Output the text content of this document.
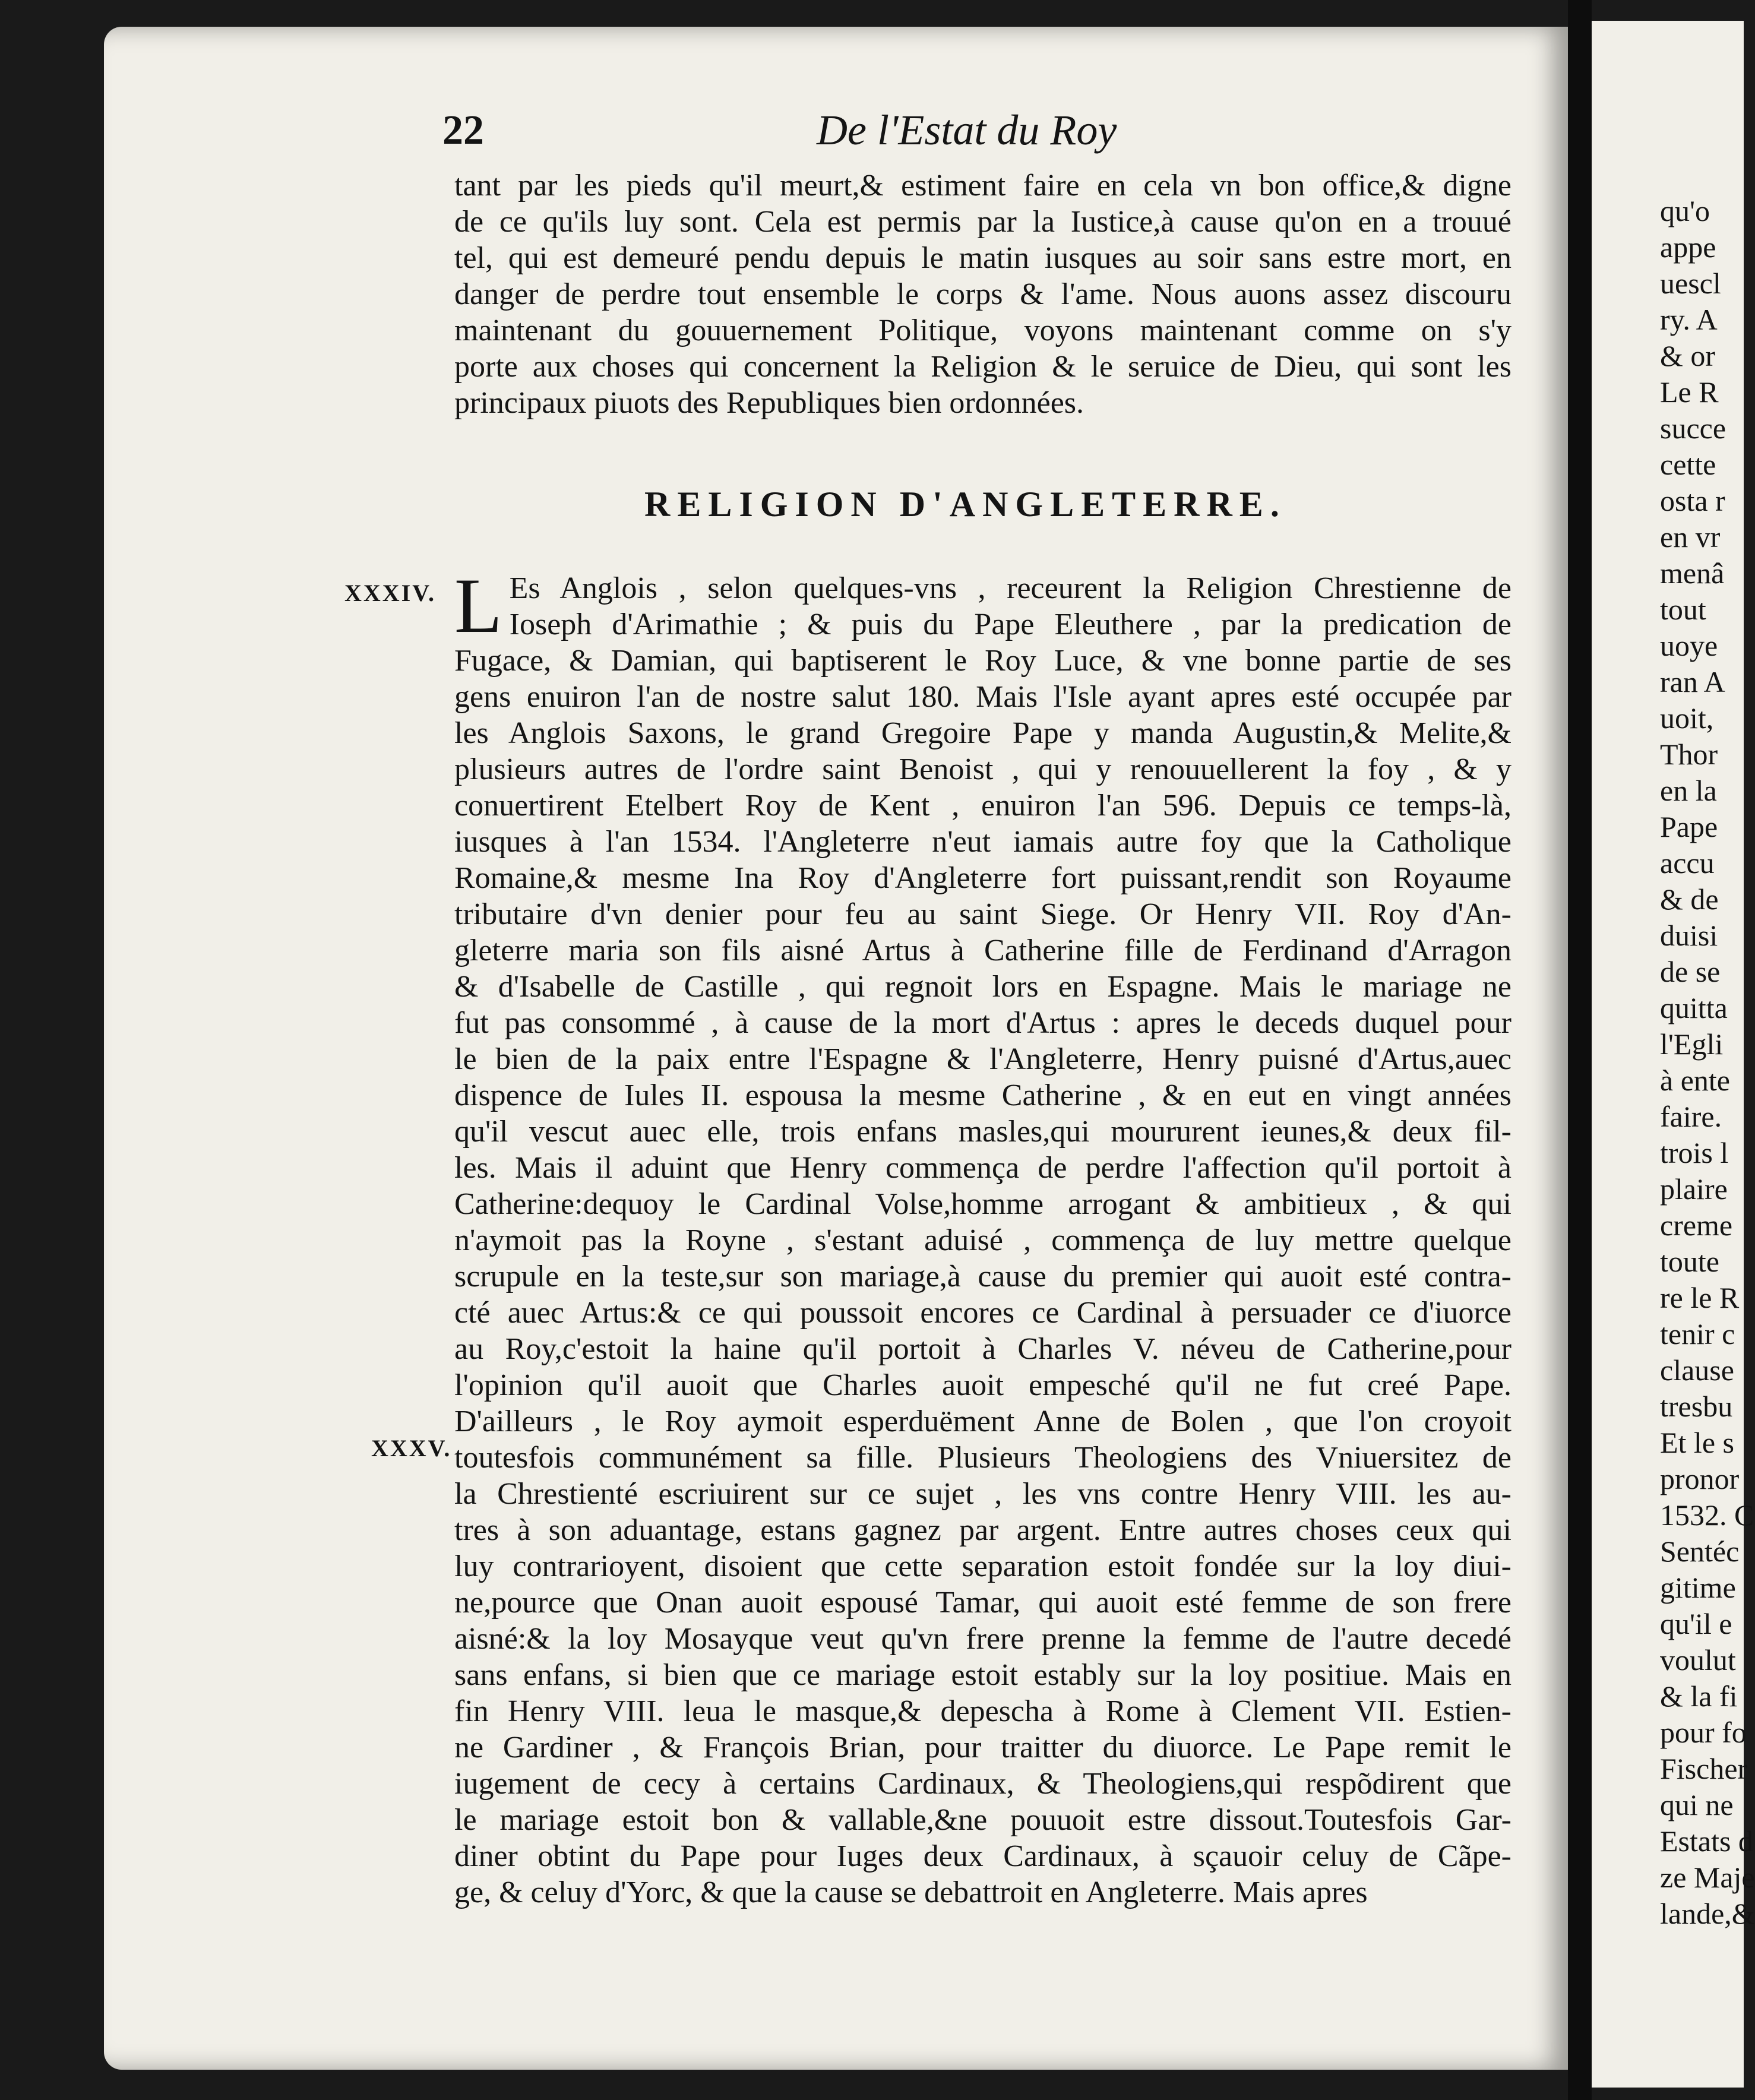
22	De l'Estat du Roy
tant par les pieds qu'il meurt,& estiment faire en cela vn bon office,& digne
de ce qu'ils luy sont. Cela est permis par la Iustice,à cause qu'on en a trouué
tel, qui est demeuré pendu depuis le matin iusques au soir sans estre mort, en
danger de perdre tout ensemble le corps & l'ame. Nous auons assez discouru
maintenant du gouuernement Politique, voyons maintenant comme on s'y
porte aux choses qui concernent la Religion & le seruice de Dieu, qui sont les
principaux piuots des Republiques bien ordonnées.
RELIGION D'ANGLETERRE.
XXXIV.
XXXV.
L Es Anglois , selon quelques-vns , receurent la Religion Chrestienne de
Ioseph d'Arimathie ; & puis du Pape Eleuthere , par la predication de
Fugace, & Damian, qui baptiserent le Roy Luce, & vne bonne partie de ses
gens enuiron l'an de nostre salut 180. Mais l'Isle ayant apres esté occupée par
les Anglois Saxons, le grand Gregoire Pape y manda Augustin,& Melite,&
plusieurs autres de l'ordre saint Benoist , qui y renouuellerent la foy , & y
conuertirent Etelbert Roy de Kent , enuiron l'an 596. Depuis ce temps-là,
iusques à l'an 1534. l'Angleterre n'eut iamais autre foy que la Catholique
Romaine,& mesme Ina Roy d'Angleterre fort puissant,rendit son Royaume
tributaire d'vn denier pour feu au saint Siege. Or Henry VII. Roy d'An-
gleterre maria son fils aisné Artus à Catherine fille de Ferdinand d'Arragon
& d'Isabelle de Castille , qui regnoit lors en Espagne. Mais le mariage ne
fut pas consommé , à cause de la mort d'Artus : apres le deceds duquel pour
le bien de la paix entre l'Espagne & l'Angleterre, Henry puisné d'Artus,auec
dispence de Iules II. espousa la mesme Catherine , & en eut en vingt années
qu'il vescut auec elle, trois enfans masles,qui moururent ieunes,& deux fil-
les. Mais il aduint que Henry commença de perdre l'affection qu'il portoit à
Catherine:dequoy le Cardinal Volse,homme arrogant & ambitieux , & qui
n'aymoit pas la Royne , s'estant aduisé , commença de luy mettre quelque
scrupule en la teste,sur son mariage,à cause du premier qui auoit esté contra-
cté auec Artus:& ce qui poussoit encores ce Cardinal à persuader ce d'iuorce
au Roy,c'estoit la haine qu'il portoit à Charles V. néveu de Catherine,pour
l'opinion qu'il auoit que Charles auoit empesché qu'il ne fut creé Pape.
D'ailleurs , le Roy aymoit esperduëment Anne de Bolen , que l'on croyoit
toutesfois communément sa fille. Plusieurs Theologiens des Vniuersitez de
la Chrestienté escriuirent sur ce sujet , les vns contre Henry VIII. les au-
tres à son aduantage, estans gagnez par argent. Entre autres choses ceux qui
luy contrarioyent, disoient que cette separation estoit fondée sur la loy diui-
ne,pource que Onan auoit espousé Tamar, qui auoit esté femme de son frere
aisné:& la loy Mosayque veut qu'vn frere prenne la femme de l'autre decedé
sans enfans, si bien que ce mariage estoit estably sur la loy positiue. Mais en
fin Henry VIII. leua le masque,& depescha à Rome à Clement VII. Estien-
ne Gardiner , & François Brian, pour traitter du diuorce. Le Pape remit le
iugement de cecy à certains Cardinaux, & Theologiens,qui respõdirent que
le mariage estoit bon & vallable,&ne pouuoit estre dissout.Toutesfois Gar-
diner obtint du Pape pour Iuges deux Cardinaux, à sçauoir celuy de Cãpe-
ge, & celuy d'Yorc, & que la cause se debattroit en Angleterre. Mais apres
qu'o
appe
uescl
ry. A
& or
Le R
succe
cette
osta r
en vr
menâ
tout
uoye
ran A
uoit,
Thor
en la
Pape
accu
& de
duisi
de se
quitta
l'Egli
à ente
faire.
trois l
plaire
creme
toute
re le R
tenir c
clause
tresbu
Et le s
pronor
1532. C
Sentéc
gitime
qu'il e
voulut
& la fi
pour fo
Fischer
qui ne
Estats d
ze Maje
lande,&
